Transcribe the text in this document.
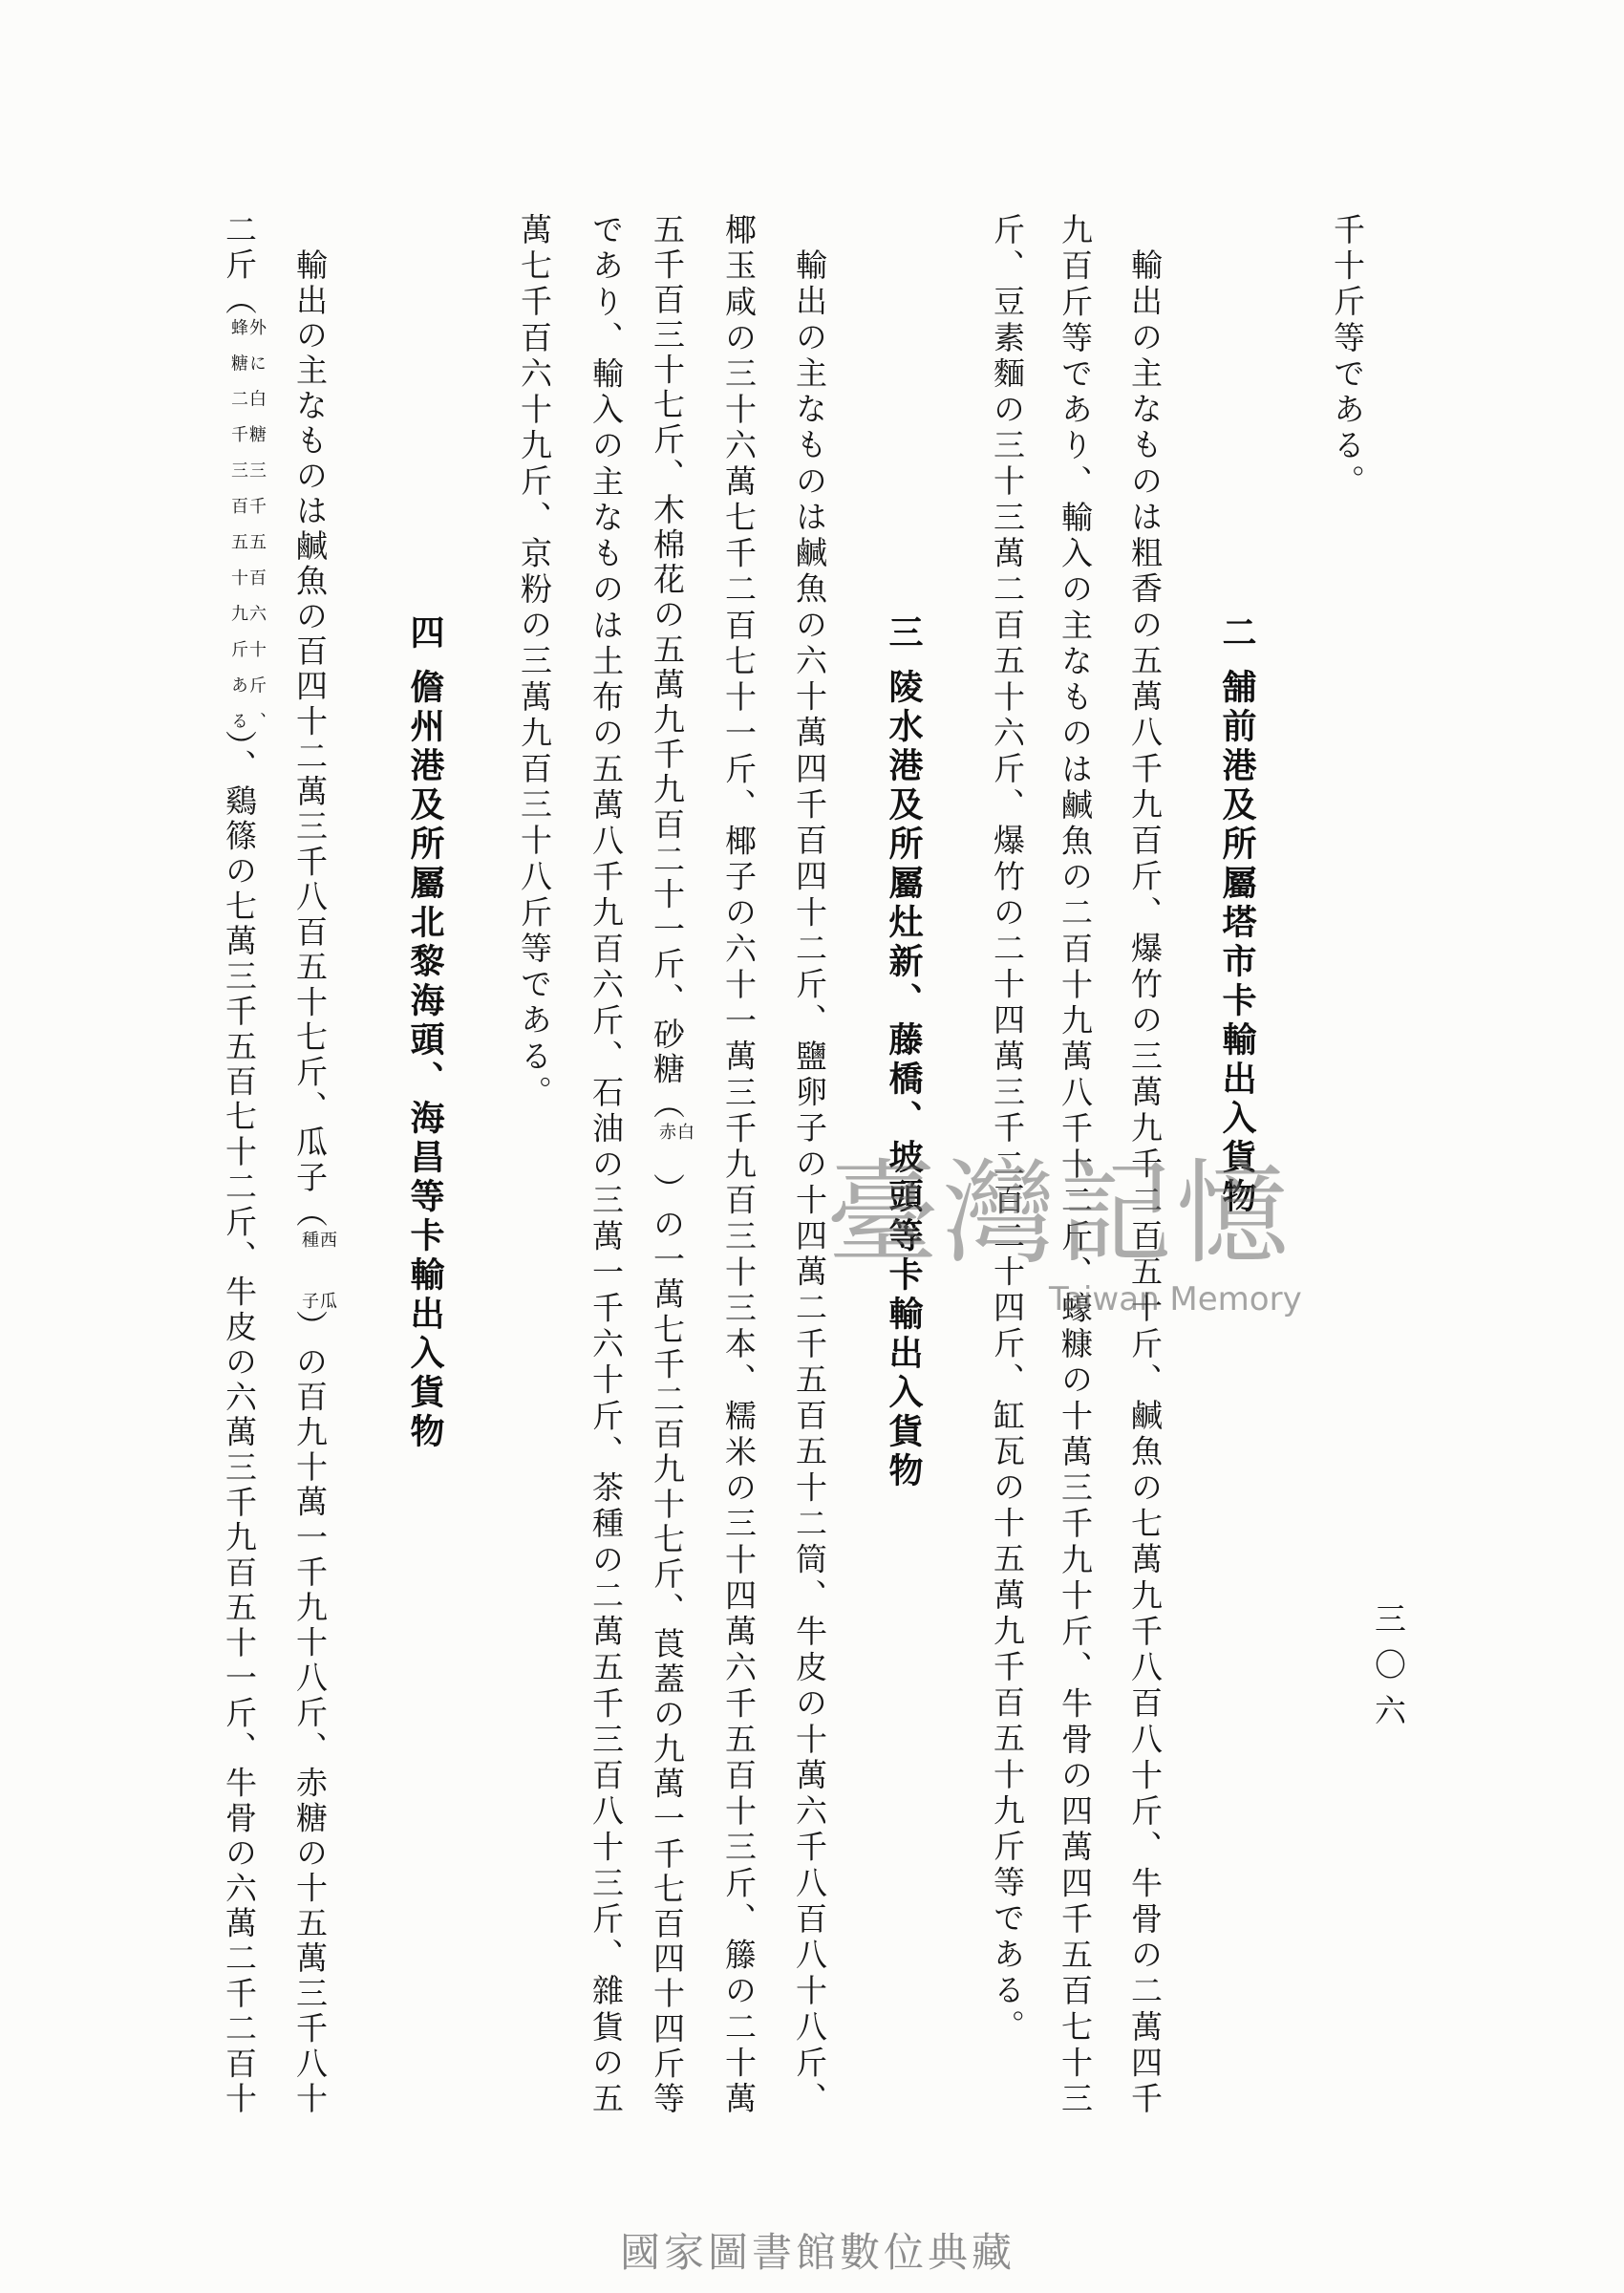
千十斤等である。
三〇六
二
舗前港及所屬塔市卡輸出入貨物
輸出の主なものは粗香の五萬八千九百斤、爆竹の三萬九千二百五十斤、鹹魚の七萬九千八百八十斤、牛骨の二萬四千
九百斤等であり、輸入の主なものは鹹魚の二百十九萬八千十二斤、蠔糠の十萬三千九十斤、牛骨の四萬四千五百七十三
斤、豆素麵の三十三萬二百五十六斤、爆竹の二十四萬三千二百二十四斤、缸瓦の十五萬九千百五十九斤等である。
三
陵水港及所屬灶新、藤橋、坡頭等卡輸出入貨物
輸出の主なものは鹹魚の六十萬四千百四十二斤、鹽卵子の十四萬二千五百五十二筒、牛皮の十萬六千八百八十八斤、
椰玉咸の三十六萬七千二百七十一斤、椰子の六十一萬三千九百三十三本、糯米の三十四萬六千五百十三斤、籐の二十萬
五千百三十七斤、木棉花の五萬九千九百二十一斤、砂糖（
白
赤
）の一萬七千二百九十七斤、莨蓋の九萬一千七百四十四斤等
であり、輸入の主なものは土布の五萬八千九百六斤、石油の三萬一千六十斤、茶種の二萬五千三百八十三斤、雜貨の五
萬七千百六十九斤、京粉の三萬九百三十八斤等である。
四
儋州港及所屬北黎海頭、海昌等卡輸出入貨物
輸出の主なものは鹹魚の百四十二萬三千八百五十七斤、瓜子（
西瓜
種子
）の百九十萬一千九十八斤、赤糖の十五萬三千八十
二斤（
外に白糖三千五百六十斤、
蜂糖二千三百五十九斤ある
）、鷄篠の七萬三千五百七十二斤、牛皮の六萬三千九百五十一斤、牛骨の六萬二千二百十	臺灣記憶
Taiwan Memory
國家圖書館數位典藏
